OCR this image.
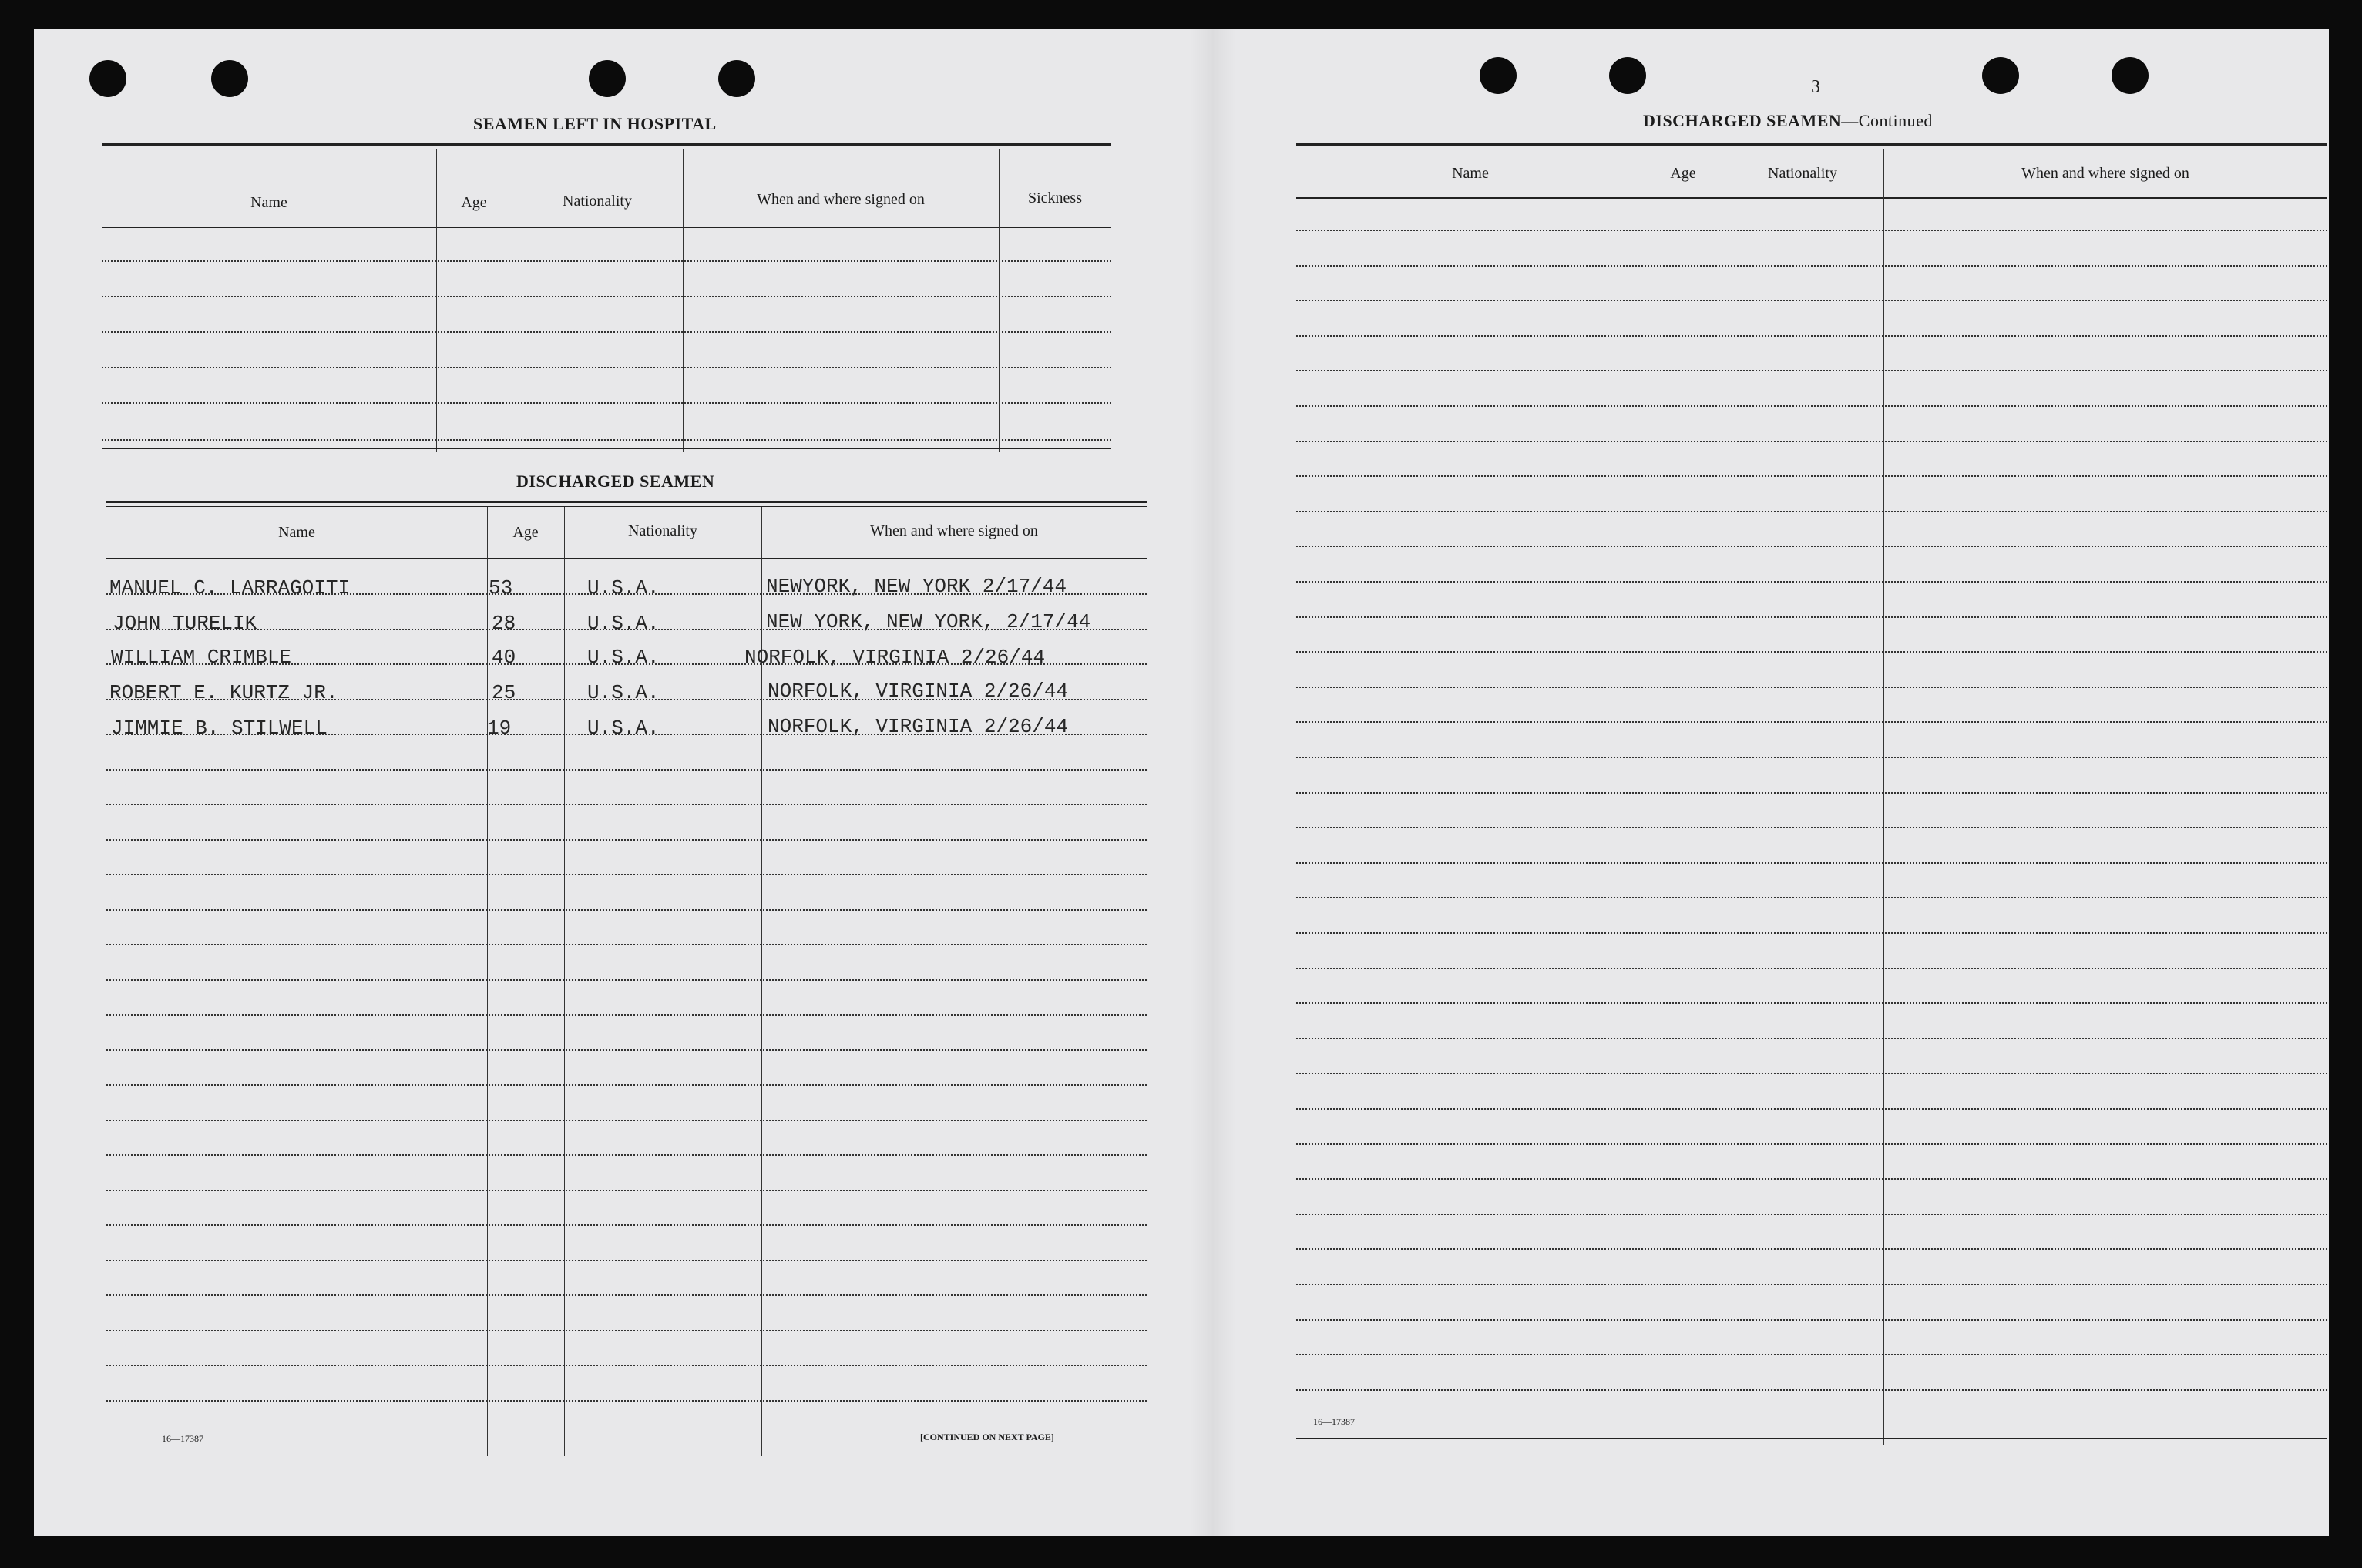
SEAMEN LEFT IN HOSPITAL
Name	Age	Nationality	When and where signed on	Sickness
DISCHARGED SEAMEN
Name	Age	Nationality	When and where signed on
MANUEL C. LARRAGOITI	53	U.S.A.	NEWYORK, NEW YORK 2/17/44
JOHN TURELIK	28	U.S.A.	NEW YORK, NEW YORK, 2/17/44
WILLIAM CRIMBLE	40	U.S.A.	NORFOLK, VIRGINIA 2/26/44
ROBERT E. KURTZ JR.	25	U.S.A.	NORFOLK, VIRGINIA 2/26/44
JIMMIE B. STILWELL	19	U.S.A.	NORFOLK, VIRGINIA 2/26/44
16—17387	[CONTINUED ON NEXT PAGE]
3
DISCHARGED SEAMEN—Continued
Name	Age	Nationality	When and where signed on
16—17387
